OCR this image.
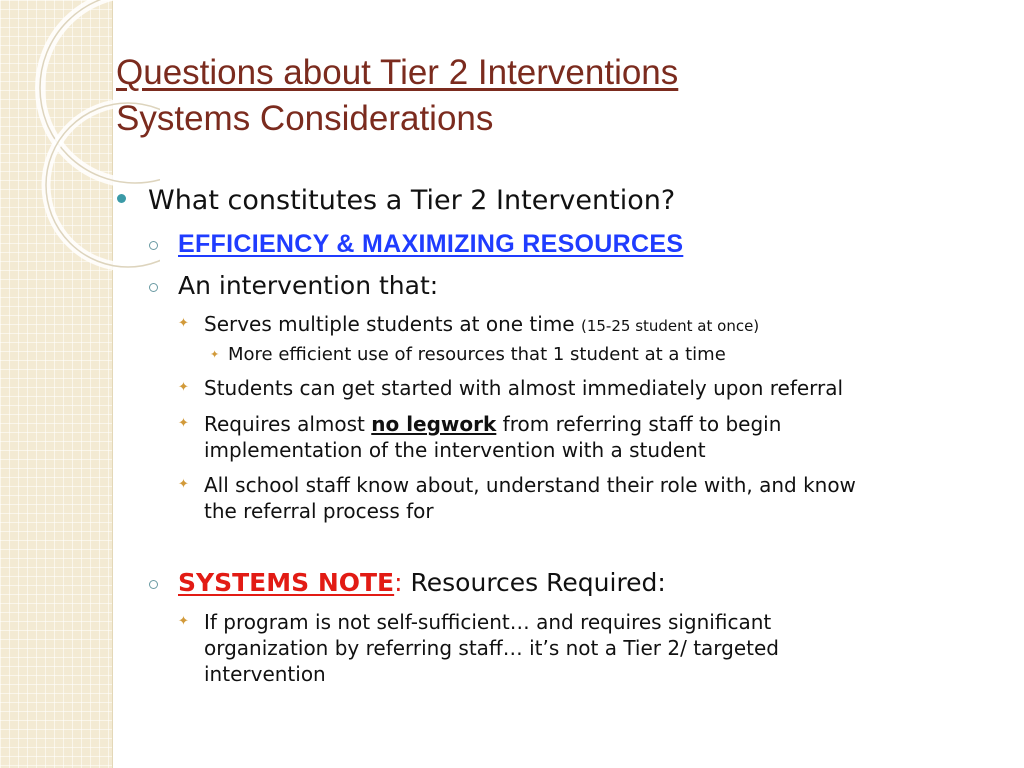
Questions about Tier 2 Interventions
Systems Considerations
What constitutes a Tier 2 Intervention?
EFFICIENCY & MAXIMIZING RESOURCES
An intervention that:
✦ Serves multiple students at one time (15-25 student at once)
✦ More efficient use of resources that 1 student at a time
✦ Students can get started with almost immediately upon referral
✦ Requires almost no legwork from referring staff to begin
implementation of the intervention with a student
✦ All school staff know about, understand their role with, and know
the referral process for
SYSTEMS NOTE: Resources Required:
✦ If program is not self-sufficient… and requires significant
organization by referring staff… it’s not a Tier 2/ targeted
intervention
